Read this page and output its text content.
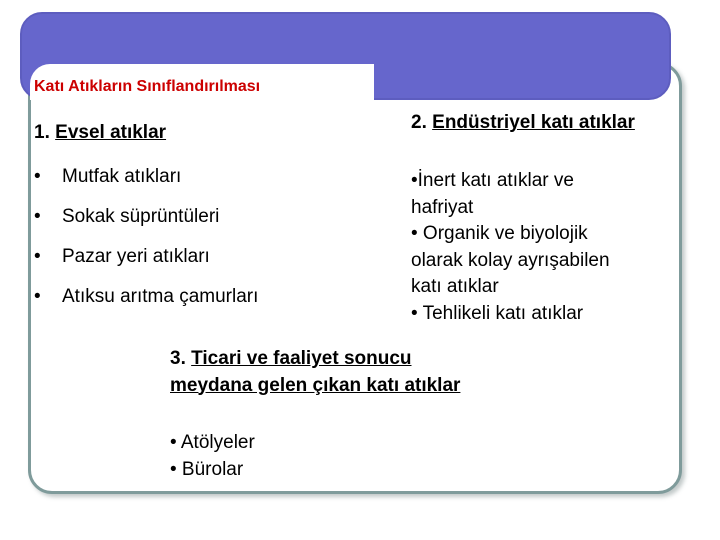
Katı Atıkların Sınıflandırılması
1. Evsel atıklar
• Mutfak atıkları
• Sokak süprüntüleri
• Pazar yeri atıkları
• Atıksu arıtma çamurları
2. Endüstriyel katı atıklar
•İnert katı atıklar ve
hafriyat
• Organik ve biyolojik
olarak kolay ayrışabilen
katı atıklar
• Tehlikeli katı atıklar
3. Ticari ve faaliyet sonucu
meydana gelen çıkan katı atıklar
• Atölyeler
• Bürolar
